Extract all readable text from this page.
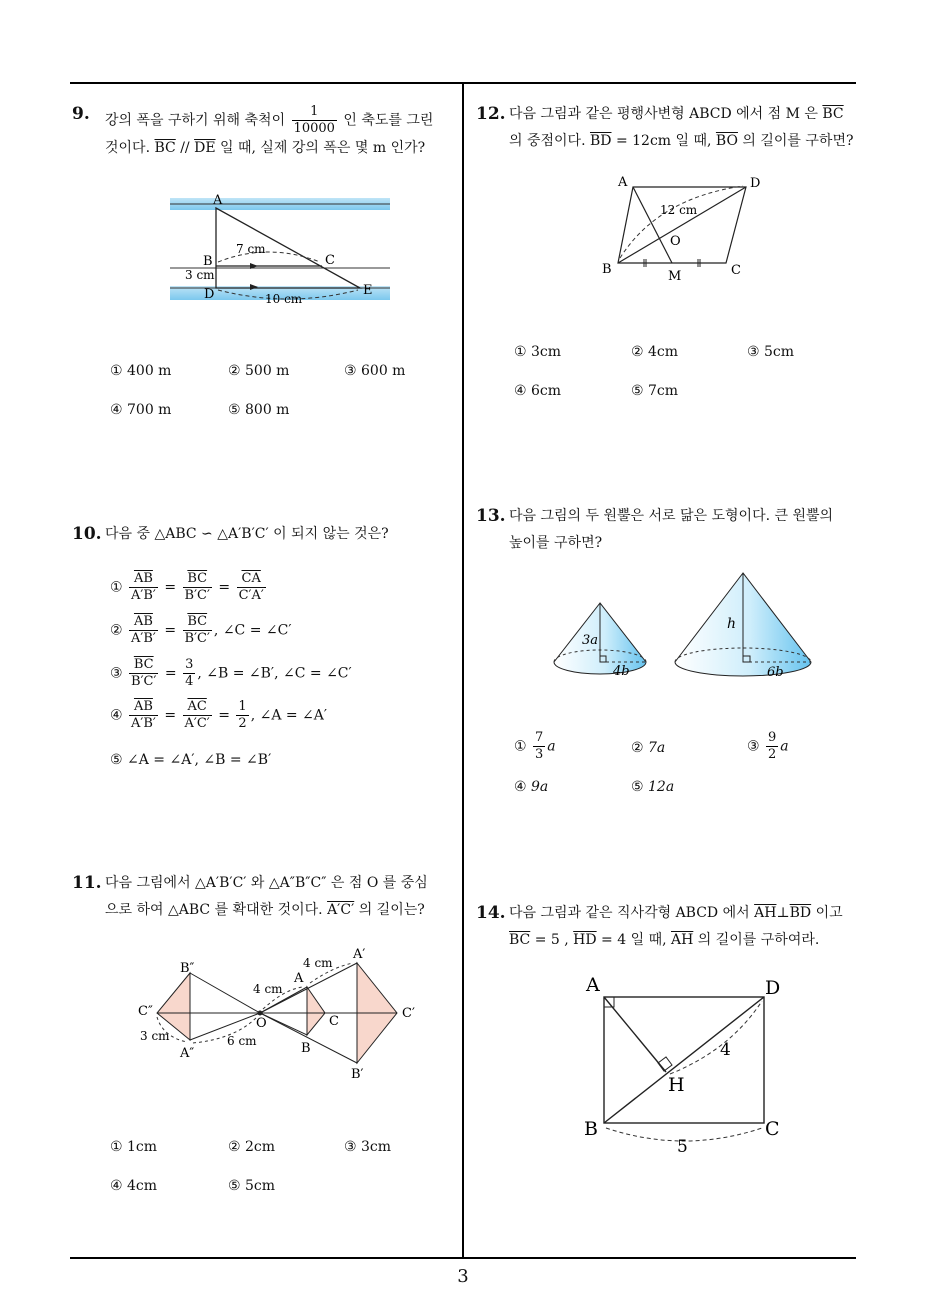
9. 강의 폭을 구하기 위해 축척이 $\frac{1}{10000}$ 인 축도를 그린
것이다. $\overline{BC} // \overline{DE}$ 일 때, 실제 강의 폭은 몇 m 인가?
A
B	C
D	E
7 cm
3 cm
10 cm
① 400 m	② 500 m	③ 600 m
④ 700 m	⑤ 800 m
10. 다음 중 △ABC ∽ △A′B′C′ 이 되지 않는 것은?
① $\frac{\overline{AB}}{A'B'} = \frac{\overline{BC}}{B'C'} = \frac{\overline{CA}}{C'A'}$
② $\frac{\overline{AB}}{A'B'} = \frac{\overline{BC}}{B'C'}$ , ∠C = ∠C′
③ $\frac{\overline{BC}}{B'C'} = \frac{3}{4}$ , ∠B = ∠B′, ∠C = ∠C′
④ $\frac{\overline{AB}}{A'B'} = \frac{\overline{AC}}{A'C'} = \frac{1}{2}$ , ∠A = ∠A′
⑤ ∠A = ∠A′, ∠B = ∠B′
11. 다음 그림에서 △A′B′C′ 와 △A″B″C″ 은 점 O 를 중심
으로 하여 △ABC 를 확대한 것이다. A′C′ 의 길이는?
B″
C″
A″
O
A
B
C
A′
B′
C′
3 cm	6 cm
4 cm
4 cm
① 1cm	② 2cm	③ 3cm
④ 4cm	⑤ 5cm
12. 다음 그림과 같은 평행사변형 ABCD 에서 점 M 은 $\overline{BC}$
의 중점이다. $\overline{BD} = 12cm$ 일 때, $\overline{BO}$ 의 길이를 구하면?
A	D
B	C
M
O
12 cm
① 3cm	② 4cm	③ 5cm
④ 6cm	⑤ 7cm
13. 다음 그림의 두 원뿔은 서로 닮은 도형이다. 큰 원뿔의
높이를 구하면?
3a
4b
h
6b
① $\frac{7}{3}$ a	② 7a	③ $\frac{9}{2}$ a
④ 9a	⑤ 12a
14. 다음 그림과 같은 직사각형 ABCD 에서 $\overline{AH}\perp\overline{BD}$ 이고
$\overline{BC} = 5$ , $\overline{HD} = 4$ 일 때, $\overline{AH}$ 의 길이를 구하여라.
A	D
B	C
H
4
5
3
